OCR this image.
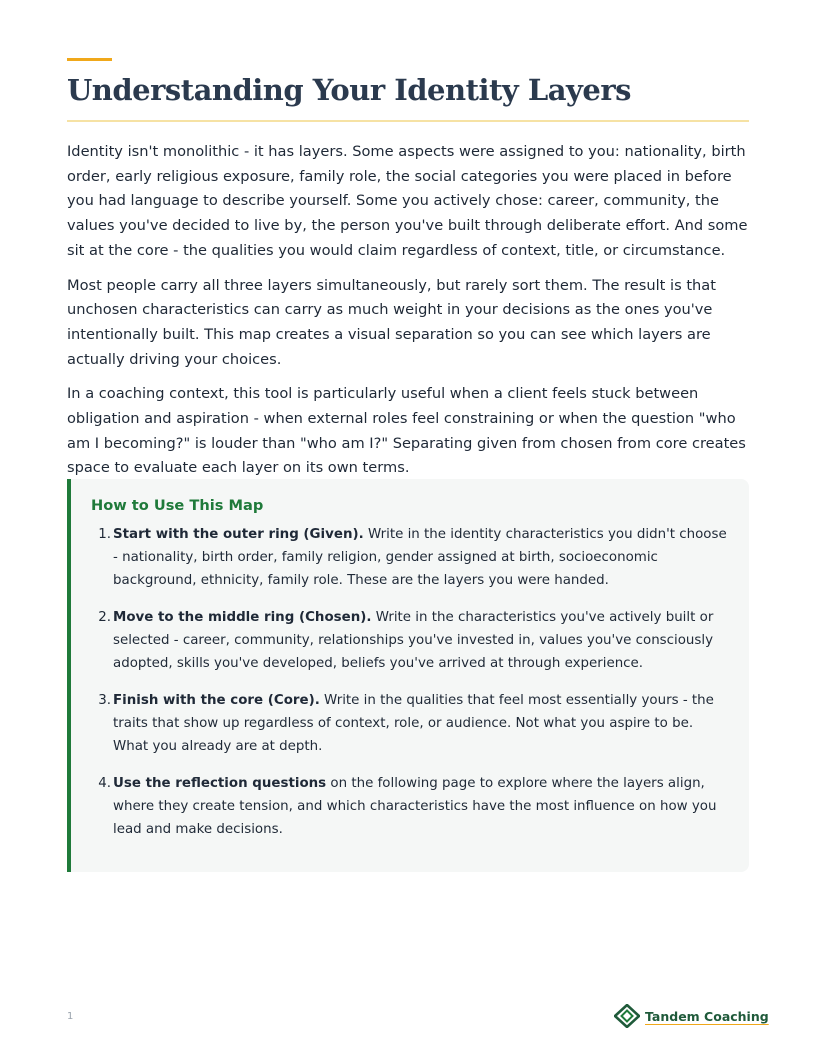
Understanding Your Identity Layers

Identity isn't monolithic - it has layers. Some aspects were assigned to you: nationality, birth order, early religious exposure, family role, the social categories you were placed in before you had language to describe yourself. Some you actively chose: career, community, the values you've decided to live by, the person you've built through deliberate effort. And some sit at the core - the qualities you would claim regardless of context, title, or circumstance.

Most people carry all three layers simultaneously, but rarely sort them. The result is that unchosen characteristics can carry as much weight in your decisions as the ones you've intentionally built. This map creates a visual separation so you can see which layers are actually driving your choices.

In a coaching context, this tool is particularly useful when a client feels stuck between obligation and aspiration - when external roles feel constraining or when the question "who am I becoming?" is louder than "who am I?" Separating given from chosen from core creates space to evaluate each layer on its own terms.

How to Use This Map
1. Start with the outer ring (Given). Write in the identity characteristics you didn't choose - nationality, birth order, family religion, gender assigned at birth, socioeconomic background, ethnicity, family role. These are the layers you were handed.
2. Move to the middle ring (Chosen). Write in the characteristics you've actively built or selected - career, community, relationships you've invested in, values you've consciously adopted, skills you've developed, beliefs you've arrived at through experience.
3. Finish with the core (Core). Write in the qualities that feel most essentially yours - the traits that show up regardless of context, role, or audience. Not what you aspire to be. What you already are at depth.
4. Use the reflection questions on the following page to explore where the layers align, where they create tension, and which characteristics have the most influence on how you lead and make decisions.
1	Tandem Coaching
